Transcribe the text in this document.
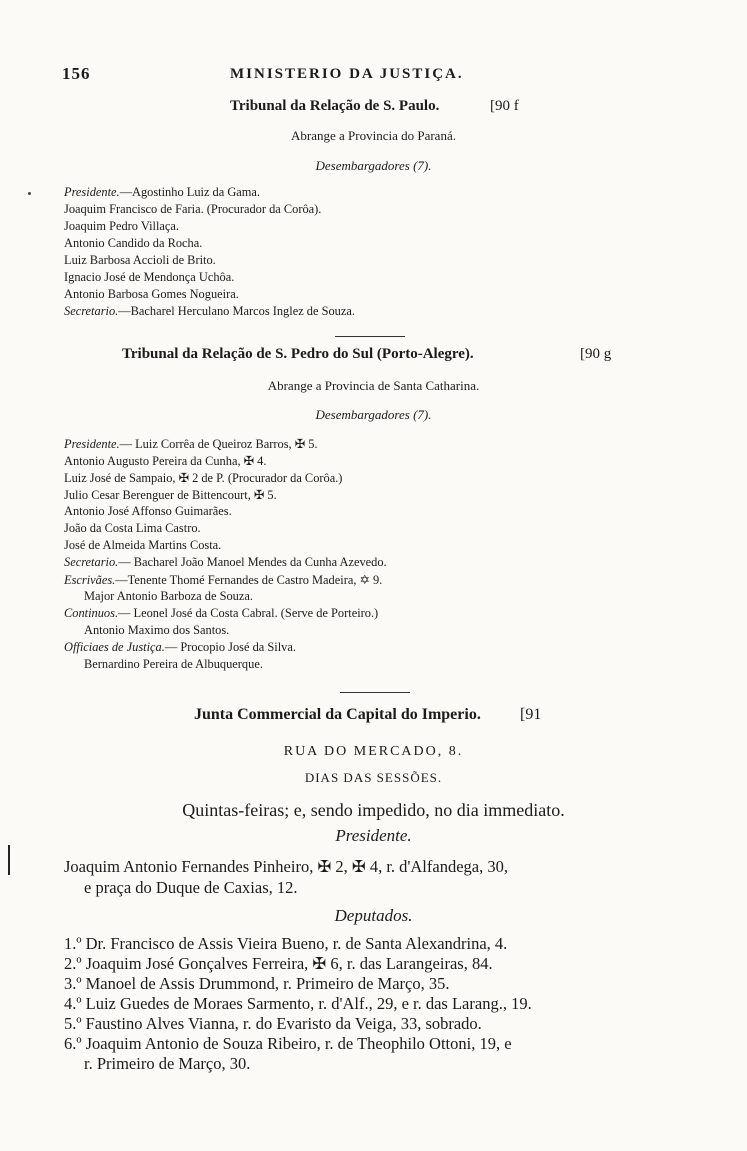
156	MINISTERIO DA JUSTIÇA.
Tribunal da Relação de S. Paulo.	[90 f
Abrange a Provincia do Paraná.
Desembargadores (7).
Presidente.—Agostinho Luiz da Gama.
Joaquim Francisco de Faria. (Procurador da Corôa).
Joaquim Pedro Villaça.
Antonio Candido da Rocha.
Luiz Barbosa Accioli de Brito.
Ignacio José de Mendonça Uchôa.
Antonio Barbosa Gomes Nogueira.
Secretario.—Bacharel Herculano Marcos Inglez de Souza.
Tribunal da Relação de S. Pedro do Sul (Porto-Alegre).	[90 g
Abrange a Provincia de Santa Catharina.
Desembargadores (7).
Presidente.— Luiz Corrêa de Queiroz Barros, ✠ 5.
Antonio Augusto Pereira da Cunha, ✠ 4.
Luiz José de Sampaio, ✠ 2 de P. (Procurador da Corôa.)
Julio Cesar Berenguer de Bittencourt, ✠ 5.
Antonio José Affonso Guimarães.
João da Costa Lima Castro.
José de Almeida Martins Costa.
Secretario.— Bacharel João Manoel Mendes da Cunha Azevedo.
Escrivães.—Tenente Thomé Fernandes de Castro Madeira, ✡ 9.
Major Antonio Barboza de Souza.
Continuos.— Leonel José da Costa Cabral. (Serve de Porteiro.)
Antonio Maximo dos Santos.
Officiaes de Justiça.— Procopio José da Silva.
Bernardino Pereira de Albuquerque.
Junta Commercial da Capital do Imperio. [91
RUA DO MERCADO, 8.
DIAS DAS SESSÕES.
Quintas-feiras; e, sendo impedido, no dia immediato.
Presidente.
Joaquim Antonio Fernandes Pinheiro, ✠ 2, ✠ 4, r. d'Alfandega, 30,
e praça do Duque de Caxias, 12.
Deputados.
1.º Dr. Francisco de Assis Vieira Bueno, r. de Santa Alexandrina, 4.
2.º Joaquim José Gonçalves Ferreira, ✠ 6, r. das Larangeiras, 84.
3.º Manoel de Assis Drummond, r. Primeiro de Março, 35.
4.º Luiz Guedes de Moraes Sarmento, r. d'Alf., 29, e r. das Larang., 19.
5.º Faustino Alves Vianna, r. do Evaristo da Veiga, 33, sobrado.
6.º Joaquim Antonio de Souza Ribeiro, r. de Theophilo Ottoni, 19, e
r. Primeiro de Março, 30.
